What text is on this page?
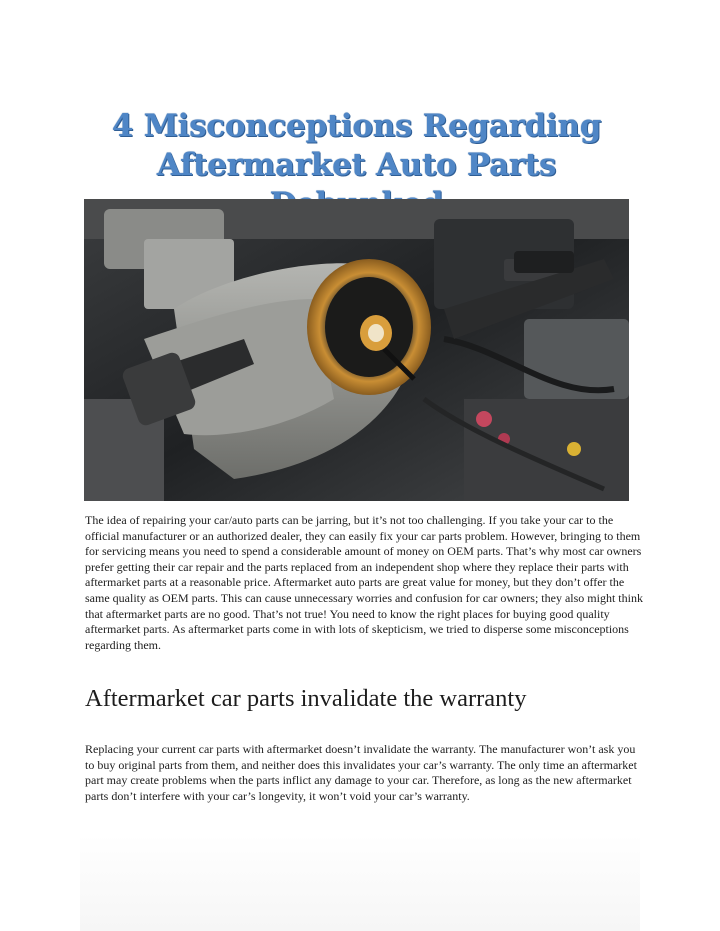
4 Misconceptions Regarding Aftermarket Auto Parts

The idea of repairing your car/auto parts can be jarring, but it’s not too challenging. If you take your car to the official manufacturer or an authorized dealer, they can easily fix your car parts problem. However, bringing to them for servicing means you need to spend a considerable amount of money on OEM parts. That’s why most car owners prefer getting their car repair and the parts replaced from an independent shop where they replace their parts with aftermarket parts at a reasonable price. Aftermarket auto parts are great value for money, but they don’t offer the same quality as OEM parts. This can cause unnecessary worries and confusion for car owners; they also might think that aftermarket parts are no good. That’s not true! You need to know the right places for buying good quality aftermarket parts. As aftermarket parts come in with lots of skepticism, we tried to disperse some misconceptions regarding them.

Aftermarket car parts invalidate the warranty

Replacing your current car parts with aftermarket doesn’t invalidate the warranty. The manufacturer won’t ask you to buy original parts from them, and neither does this invalidates your car’s warranty. The only time an aftermarket part may create problems when the parts inflict any damage to your car. Therefore, as long as the new aftermarket parts don’t interfere with your car’s longevity, it won’t void your car’s warranty.
